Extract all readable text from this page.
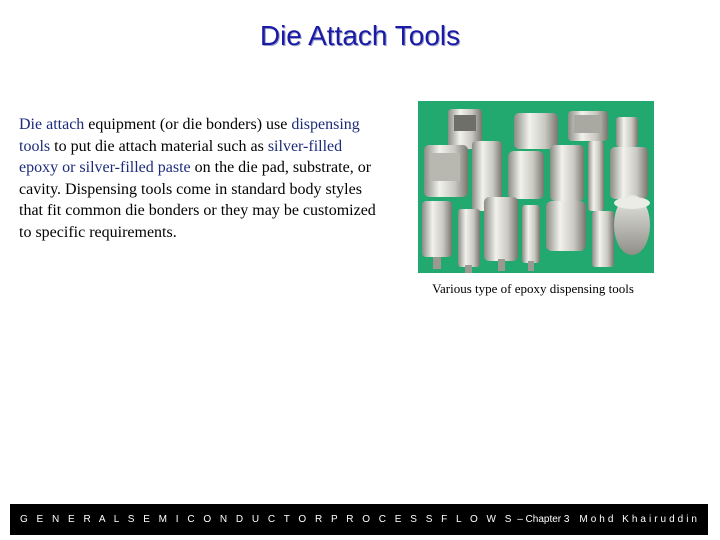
Die Attach Tools
Die attach equipment (or die bonders) use dispensing tools to put die attach material such as silver-filled epoxy or silver-filled paste on the die pad, substrate, or cavity. Dispensing tools come in standard body styles that fit common die bonders or they may be customized to specific requirements.
Various type of epoxy dispensing tools
G E N E R A L S E M I C O N D U C T O R P R O C E S S F L O W S – Chapter 3 Mohd Khairuddin
